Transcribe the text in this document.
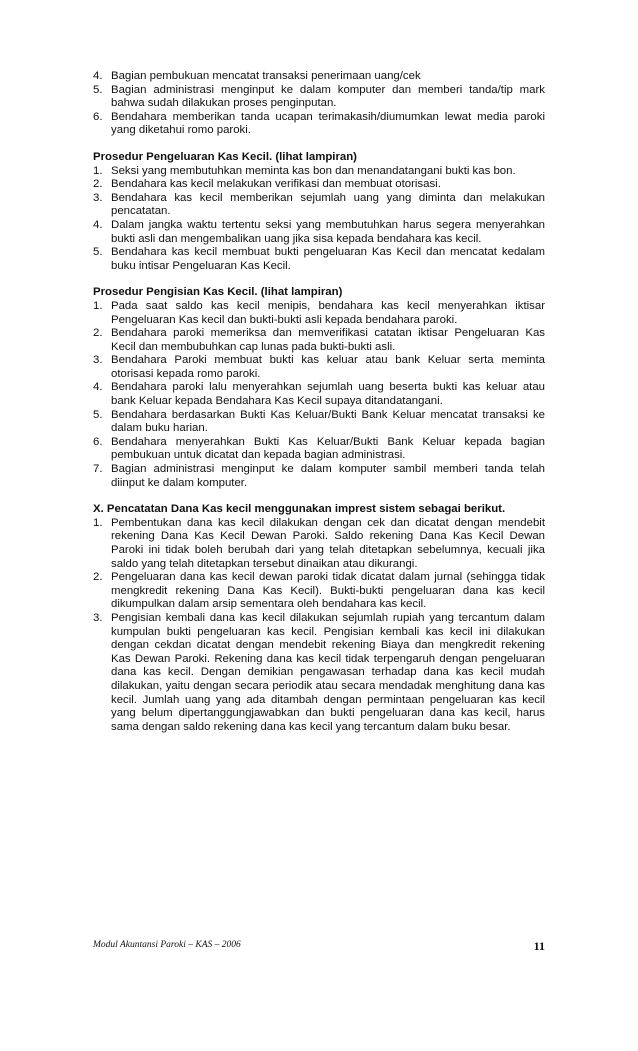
4. Bagian pembukuan mencatat transaksi penerimaan uang/cek
5. Bagian administrasi menginput ke dalam komputer dan memberi tanda/tip mark bahwa sudah dilakukan proses penginputan.
6. Bendahara memberikan tanda ucapan terimakasih/diumumkan lewat media paroki yang diketahui romo paroki.

Prosedur Pengeluaran Kas Kecil. (lihat lampiran)

1. Seksi yang membutuhkan meminta kas bon dan menandatangani bukti kas bon.
2. Bendahara kas kecil melakukan verifikasi dan membuat otorisasi.
3. Bendahara kas kecil memberikan sejumlah uang yang diminta dan melakukan pencatatan.
4. Dalam jangka waktu tertentu seksi yang membutuhkan harus segera menyerahkan bukti asli dan mengembalikan uang jika sisa kepada bendahara kas kecil.
5. Bendahara kas kecil membuat bukti pengeluaran Kas Kecil dan mencatat kedalam buku intisar Pengeluaran Kas Kecil.

Prosedur Pengisian Kas Kecil. (lihat lampiran)

1. Pada saat saldo kas kecil menipis, bendahara kas kecil menyerahkan iktisar Pengeluaran Kas kecil dan bukti-bukti asli kepada bendahara paroki.
2. Bendahara paroki memeriksa dan memverifikasi catatan iktisar Pengeluaran Kas Kecil dan membubuhkan cap lunas pada bukti-bukti asli.
3. Bendahara Paroki membuat bukti kas keluar atau bank Keluar serta meminta otorisasi kepada romo paroki.
4. Bendahara paroki lalu menyerahkan sejumlah uang beserta bukti kas keluar atau bank Keluar kepada Bendahara Kas Kecil supaya ditandatangani.
5. Bendahara berdasarkan Bukti Kas Keluar/Bukti Bank Keluar mencatat transaksi ke dalam buku harian.
6. Bendahara menyerahkan Bukti Kas Keluar/Bukti Bank Keluar kepada bagian pembukuan untuk dicatat dan kepada bagian administrasi.
7. Bagian administrasi menginput ke dalam komputer sambil memberi tanda telah diinput ke dalam komputer.

X. Pencatatan Dana Kas kecil menggunakan imprest sistem sebagai berikut.

1. Pembentukan dana kas kecil dilakukan dengan cek dan dicatat dengan mendebit rekening Dana Kas Kecil Dewan Paroki. Saldo rekening Dana Kas Kecil Dewan Paroki ini tidak boleh berubah dari yang telah ditetapkan sebelumnya, kecuali jika saldo yang telah ditetapkan tersebut dinaikan atau dikurangi.
2. Pengeluaran dana kas kecil dewan paroki tidak dicatat dalam jurnal (sehingga tidak mengkredit rekening Dana Kas Kecil). Bukti-bukti pengeluaran dana kas kecil dikumpulkan dalam arsip sementara oleh bendahara kas kecil.
3. Pengisian kembali dana kas kecil dilakukan sejumlah rupiah yang tercantum dalam kumpulan bukti pengeluaran kas kecil. Pengisian kembali kas kecil ini dilakukan dengan cekdan dicatat dengan mendebit rekening Biaya dan mengkredit rekening Kas Dewan Paroki. Rekening dana kas kecil tidak terpengaruh dengan pengeluaran dana kas kecil. Dengan demikian pengawasan terhadap dana kas kecil mudah dilakukan, yaitu dengan secara periodik atau secara mendadak menghitung dana kas kecil. Jumlah uang yang ada ditambah dengan permintaan pengeluaran kas kecil yang belum dipertanggungjawabkan dan bukti pengeluaran dana kas kecil, harus sama dengan saldo rekening dana kas kecil yang tercantum dalam buku besar.
Modul Akuntansi Paroki – KAS – 2006	11
